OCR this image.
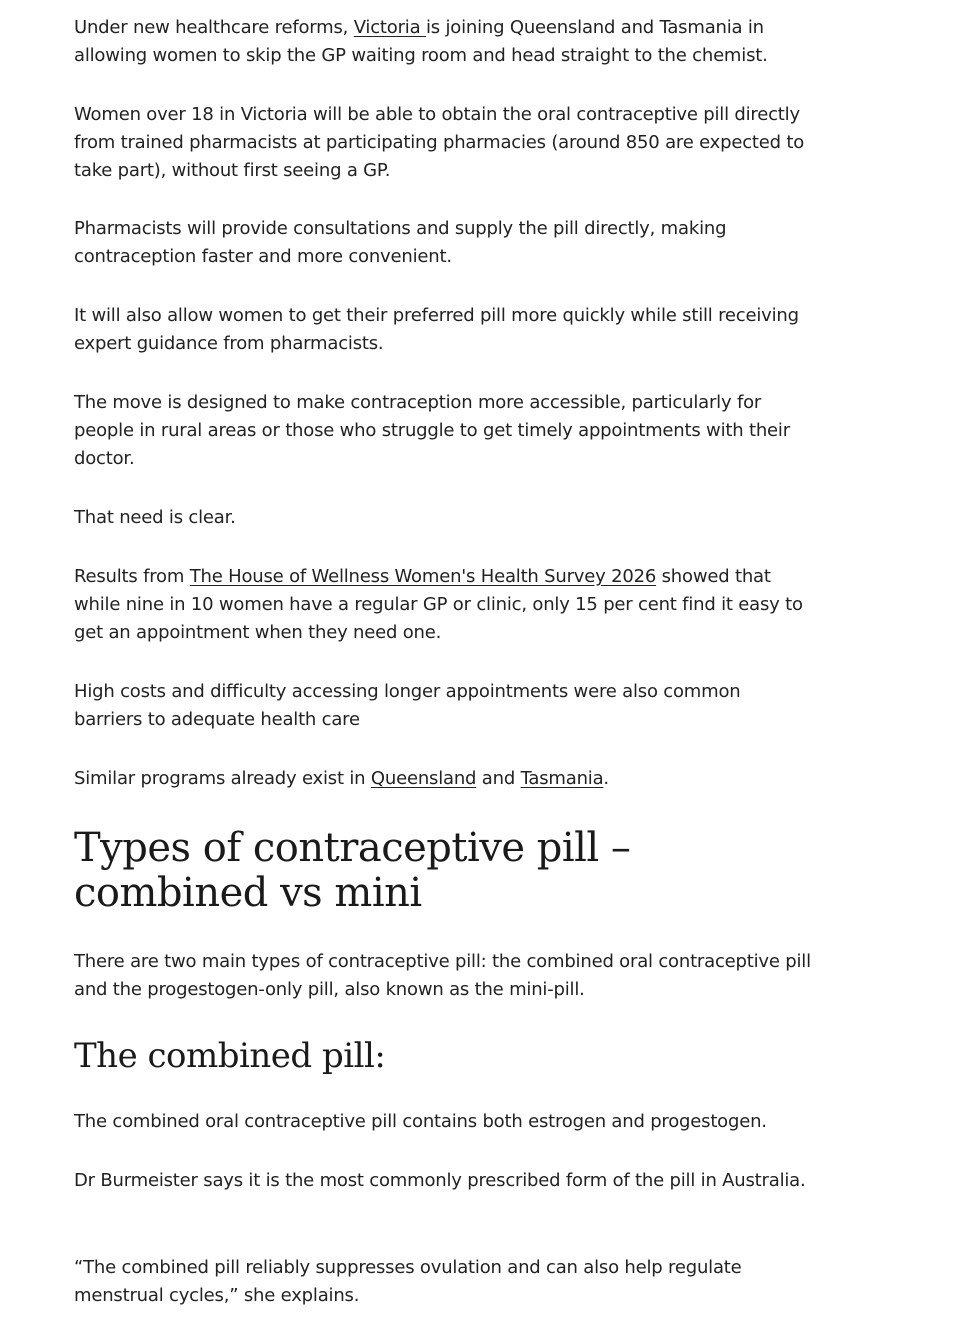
Under new healthcare reforms, Victoria is joining Queensland and Tasmania in allowing women to skip the GP waiting room and head straight to the chemist.

Women over 18 in Victoria will be able to obtain the oral contraceptive pill directly from trained pharmacists at participating pharmacies (around 850 are expected to take part), without first seeing a GP.

Pharmacists will provide consultations and supply the pill directly, making contraception faster and more convenient.

It will also allow women to get their preferred pill more quickly while still receiving expert guidance from pharmacists.

The move is designed to make contraception more accessible, particularly for people in rural areas or those who struggle to get timely appointments with their doctor.

That need is clear.

Results from The House of Wellness Women's Health Survey 2026 showed that while nine in 10 women have a regular GP or clinic, only 15 per cent find it easy to get an appointment when they need one.

High costs and difficulty accessing longer appointments were also common barriers to adequate health care

Similar programs already exist in Queensland and Tasmania.

Types of contraceptive pill – combined vs mini

There are two main types of contraceptive pill: the combined oral contraceptive pill and the progestogen-only pill, also known as the mini-pill.

The combined pill:

The combined oral contraceptive pill contains both estrogen and progestogen.

Dr Burmeister says it is the most commonly prescribed form of the pill in Australia.

“The combined pill reliably suppresses ovulation and can also help regulate menstrual cycles,” she explains.
